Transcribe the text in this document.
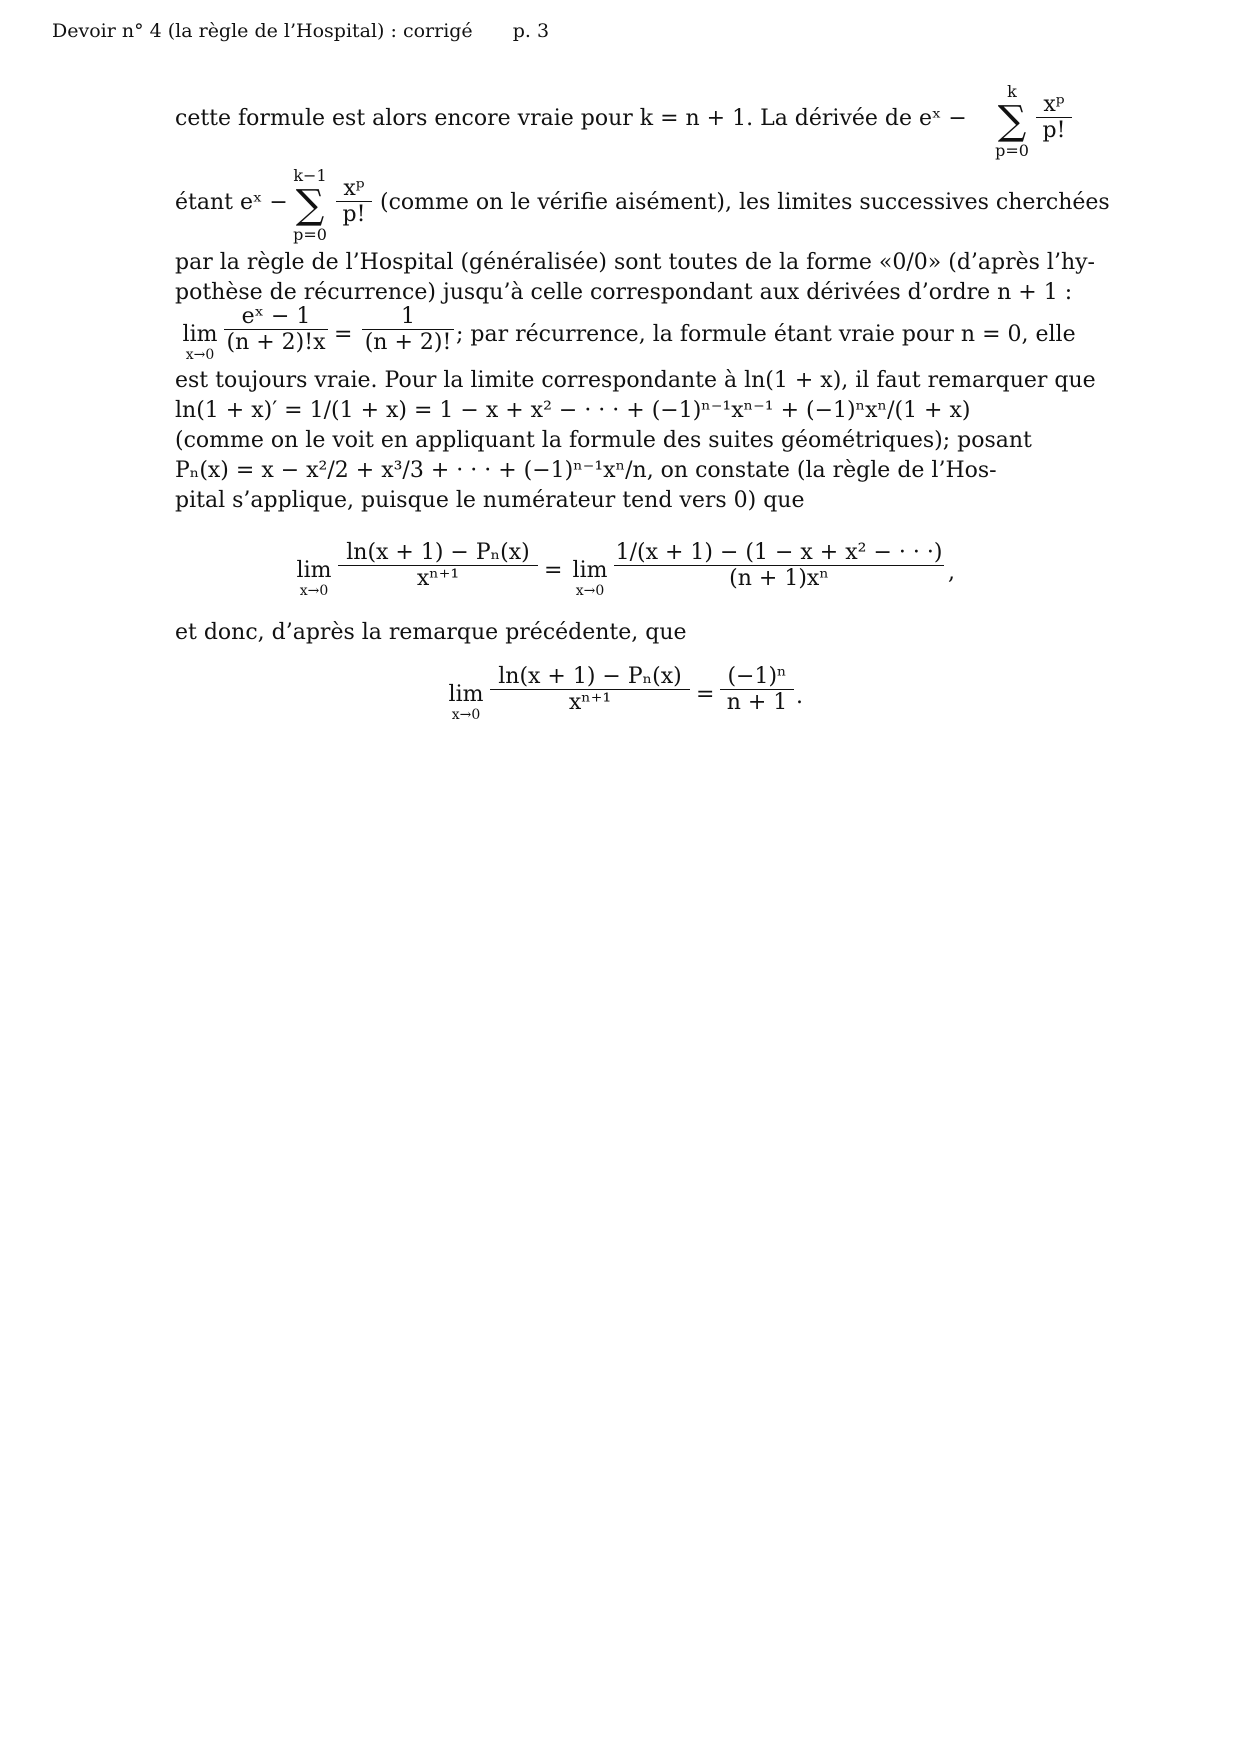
Devoir n° 4 (la règle de l’Hospital) : corrigé p. 3
cette formule est alors encore vraie pour k = n + 1. La dérivée de eˣ −
k
∑
p=0
$\frac{\text{xᵖ}}{p!}$
étant eˣ −
k−1
∑
p=0
$\frac{\text{xᵖ}}{p!}$ (comme on le vérifie aisément), les limites successives cherchées
par la règle de l’Hospital (généralisée) sont toutes de la forme «0/0» (d’après l’hy-
pothèse de récurrence) jusqu’à celle correspondant aux dérivées d’ordre n + 1 :
lim
$x\to 0 \frac{\text{eˣ − 1}}{(n + 2)!x} = \frac{1}{(n + 2)!}$ ; par récurrence, la formule étant vraie pour n = 0, elle
est toujours vraie. Pour la limite correspondante à ln(1 + x), il faut remarquer que
ln(1 + x)′ = 1/(1 + x) = 1 − x + x² − · · · + (−1)ⁿ⁻¹xⁿ⁻¹ + (−1)ⁿxⁿ/(1 + x)
(comme on le voit en appliquant la formule des suites géométriques); posant
Pₙ(x) = x − x²/2 + x³/3 + · · · + (−1)ⁿ⁻¹xⁿ/n, on constate (la règle de l’Hos-
pital s’applique, puisque le numérateur tend vers 0) que
lim
$x\to 0 \frac{\text{ln(x + 1) − Pₙ(x)}}{\text{xⁿ⁺¹}} = \lim$
$x\to 0 \frac{\text{1/(x + 1) − (1 − x + x² − · · ·)}}{\text{(n + 1)xⁿ}}$ ,
et donc, d’après la remarque précédente, que
lim
$x\to 0 \frac{\text{ln(x + 1) − Pₙ(x)}}{\text{xⁿ⁺¹}} = \frac{\text{(−1)ⁿ}}{n + 1}$ .
